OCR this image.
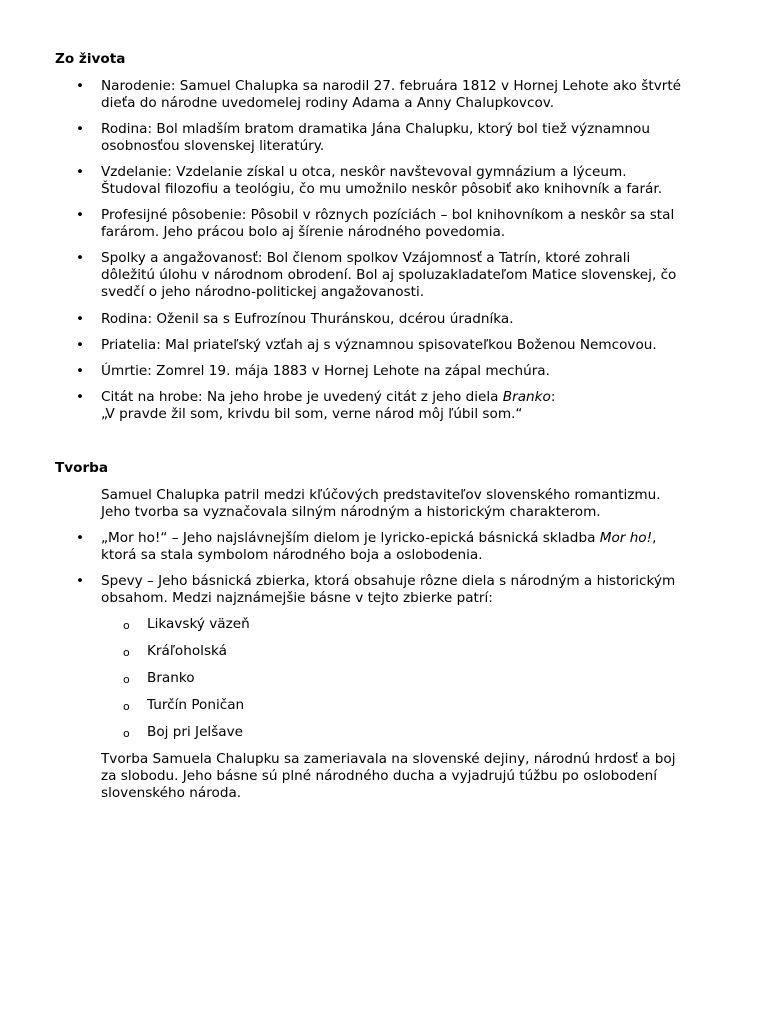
Zo života
• Narodenie: Samuel Chalupka sa narodil 27. februára 1812 v Hornej Lehote ako štvrté
dieťa do národne uvedomelej rodiny Adama a Anny Chalupkovcov.
• Rodina: Bol mladším bratom dramatika Jána Chalupku, ktorý bol tiež významnou
osobnosťou slovenskej literatúry.
• Vzdelanie: Vzdelanie získal u otca, neskôr navštevoval gymnázium a lýceum.
Študoval filozofiu a teológiu, čo mu umožnilo neskôr pôsobiť ako knihovník a farár.
• Profesijné pôsobenie: Pôsobil v rôznych pozíciách – bol knihovníkom a neskôr sa stal
farárom. Jeho prácou bolo aj šírenie národného povedomia.
• Spolky a angažovanosť: Bol členom spolkov Vzájomnosť a Tatrín, ktoré zohrali
dôležitú úlohu v národnom obrodení. Bol aj spoluzakladateľom Matice slovenskej, čo
svedčí o jeho národno-politickej angažovanosti.
• Rodina: Oženil sa s Eufrozínou Thuránskou, dcérou úradníka.
• Priatelia: Mal priateľský vzťah aj s významnou spisovateľkou Boženou Nemcovou.
• Úmrtie: Zomrel 19. mája 1883 v Hornej Lehote na zápal mechúra.
• Citát na hrobe: Na jeho hrobe je uvedený citát z jeho diela Branko:
„V pravde žil som, krivdu bil som, verne národ môj ľúbil som.“
Tvorba
Samuel Chalupka patril medzi kľúčových predstaviteľov slovenského romantizmu.
Jeho tvorba sa vyznačovala silným národným a historickým charakterom.
• „Mor ho!“ – Jeho najslávnejším dielom je lyricko-epická básnická skladba Mor ho!,
ktorá sa stala symbolom národného boja a oslobodenia.
• Spevy – Jeho básnická zbierka, ktorá obsahuje rôzne diela s národným a historickým
obsahom. Medzi najznámejšie básne v tejto zbierke patrí:
o Likavský väzeň
o Kráľoholská
o Branko
o Turčín Poničan
o Boj pri Jelšave
Tvorba Samuela Chalupku sa zameriavala na slovenské dejiny, národnú hrdosť a boj
za slobodu. Jeho básne sú plné národného ducha a vyjadrujú túžbu po oslobodení
slovenského národa.
